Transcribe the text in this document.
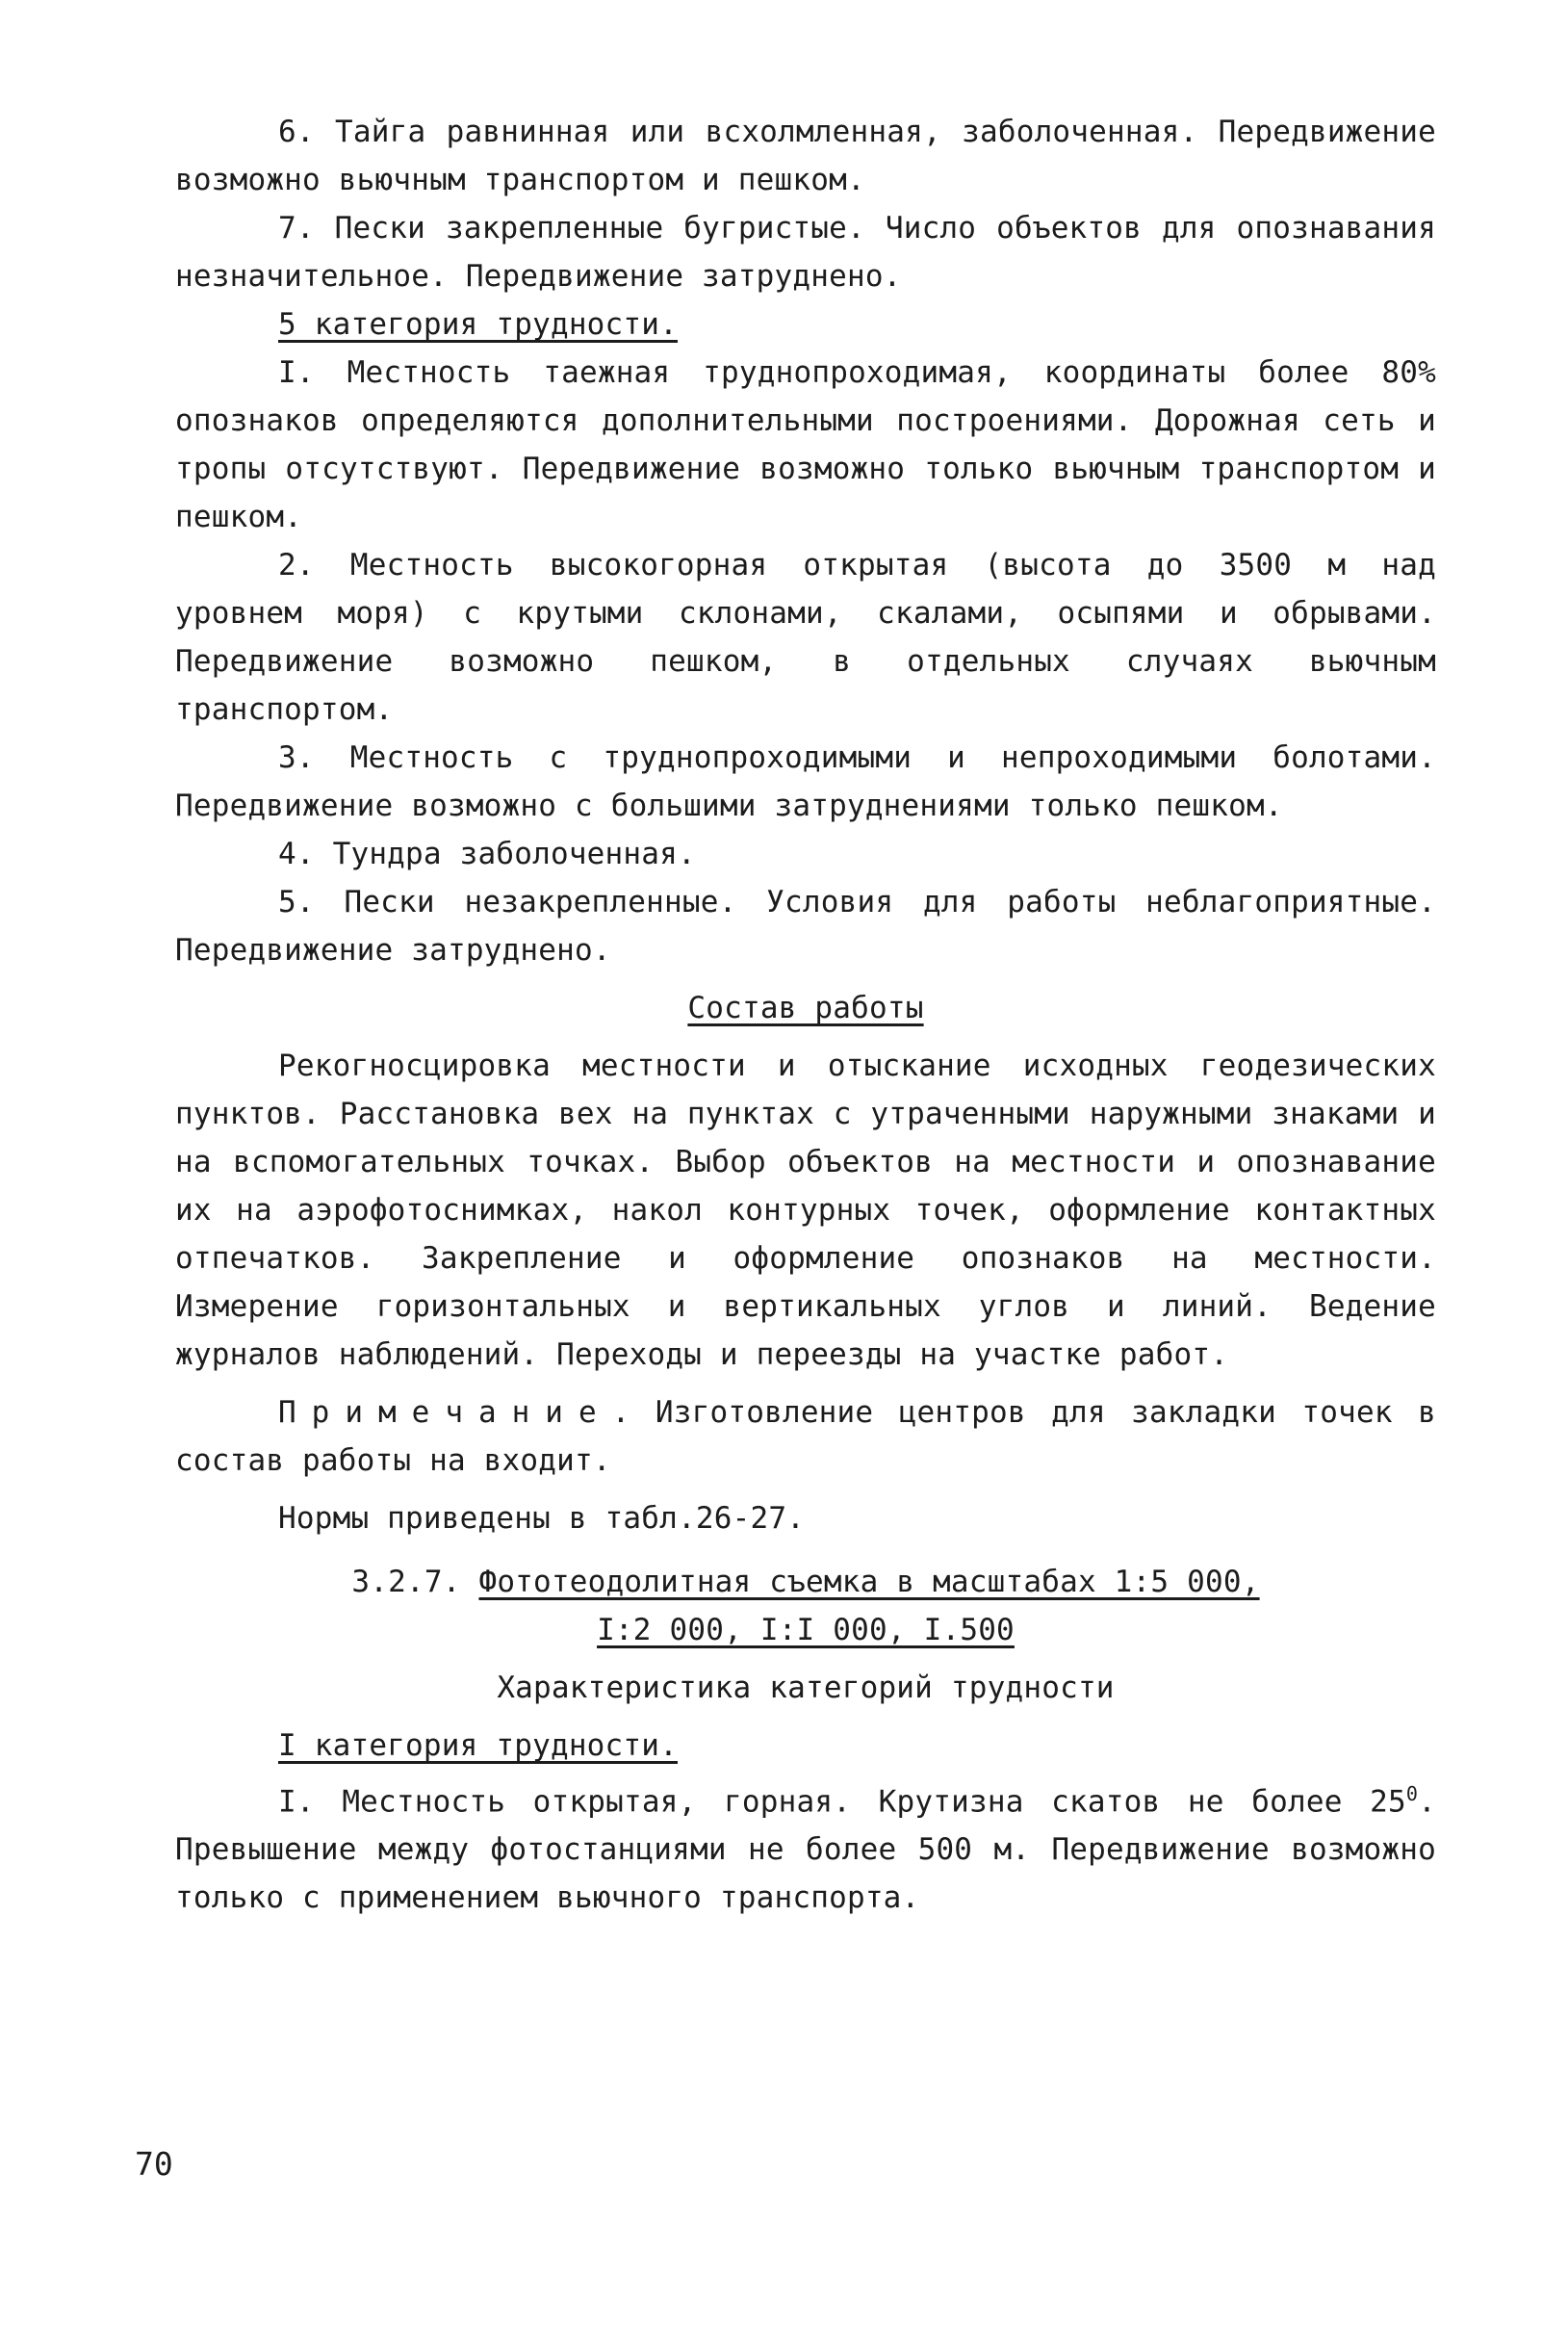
6. Тайга равнинная или всхолмленная, заболоченная. Передвижение возможно вьючным транспортом и пешком.

7. Пески закрепленные бугристые. Число объектов для опознавания незначительное. Передвижение затруднено.

5 категория трудности.

I. Местность таежная труднопроходимая, координаты более 80% опознаков определяются дополнительными построениями. Дорожная сеть и тропы отсутствуют. Передвижение возможно только вьючным транспортом и пешком.

2. Местность высокогорная открытая (высота до 3500 м над уровнем моря) с крутыми склонами, скалами, осыпями и обрывами. Передвижение возможно пешком, в отдельных случаях вьючным транспортом.

3. Местность с труднопроходимыми и непроходимыми болотами. Передвижение возможно с большими затруднениями только пешком.

4. Тундра заболоченная.

5. Пески незакрепленные. Условия для работы неблагоприятные. Передвижение затруднено.

Состав работы

Рекогносцировка местности и отыскание исходных геодезических пунктов. Расстановка вех на пунктах с утраченными наружными знаками и на вспомогательных точках. Выбор объектов на местности и опознавание их на аэрофотоснимках, накол контурных точек, оформление контактных отпечатков. Закрепление и оформление опознаков на местности. Измерение горизонтальных и вертикальных углов и линий. Ведение журналов наблюдений. Переходы и переезды на участке работ.

Примечание. Изготовление центров для закладки точек в состав работы на входит.

Нормы приведены в табл.26-27.

3.2.7. Фототеодолитная съемка в масштабах 1:5 000,
I:2 000, I:I 000, I.500

Характеристика категорий трудности

I категория трудности.

I. Местность открытая, горная. Крутизна скатов не более $25^0$. Превышение между фотостанциями не более 500 м. Передвижение возможно только с применением вьючного транспорта.

70
